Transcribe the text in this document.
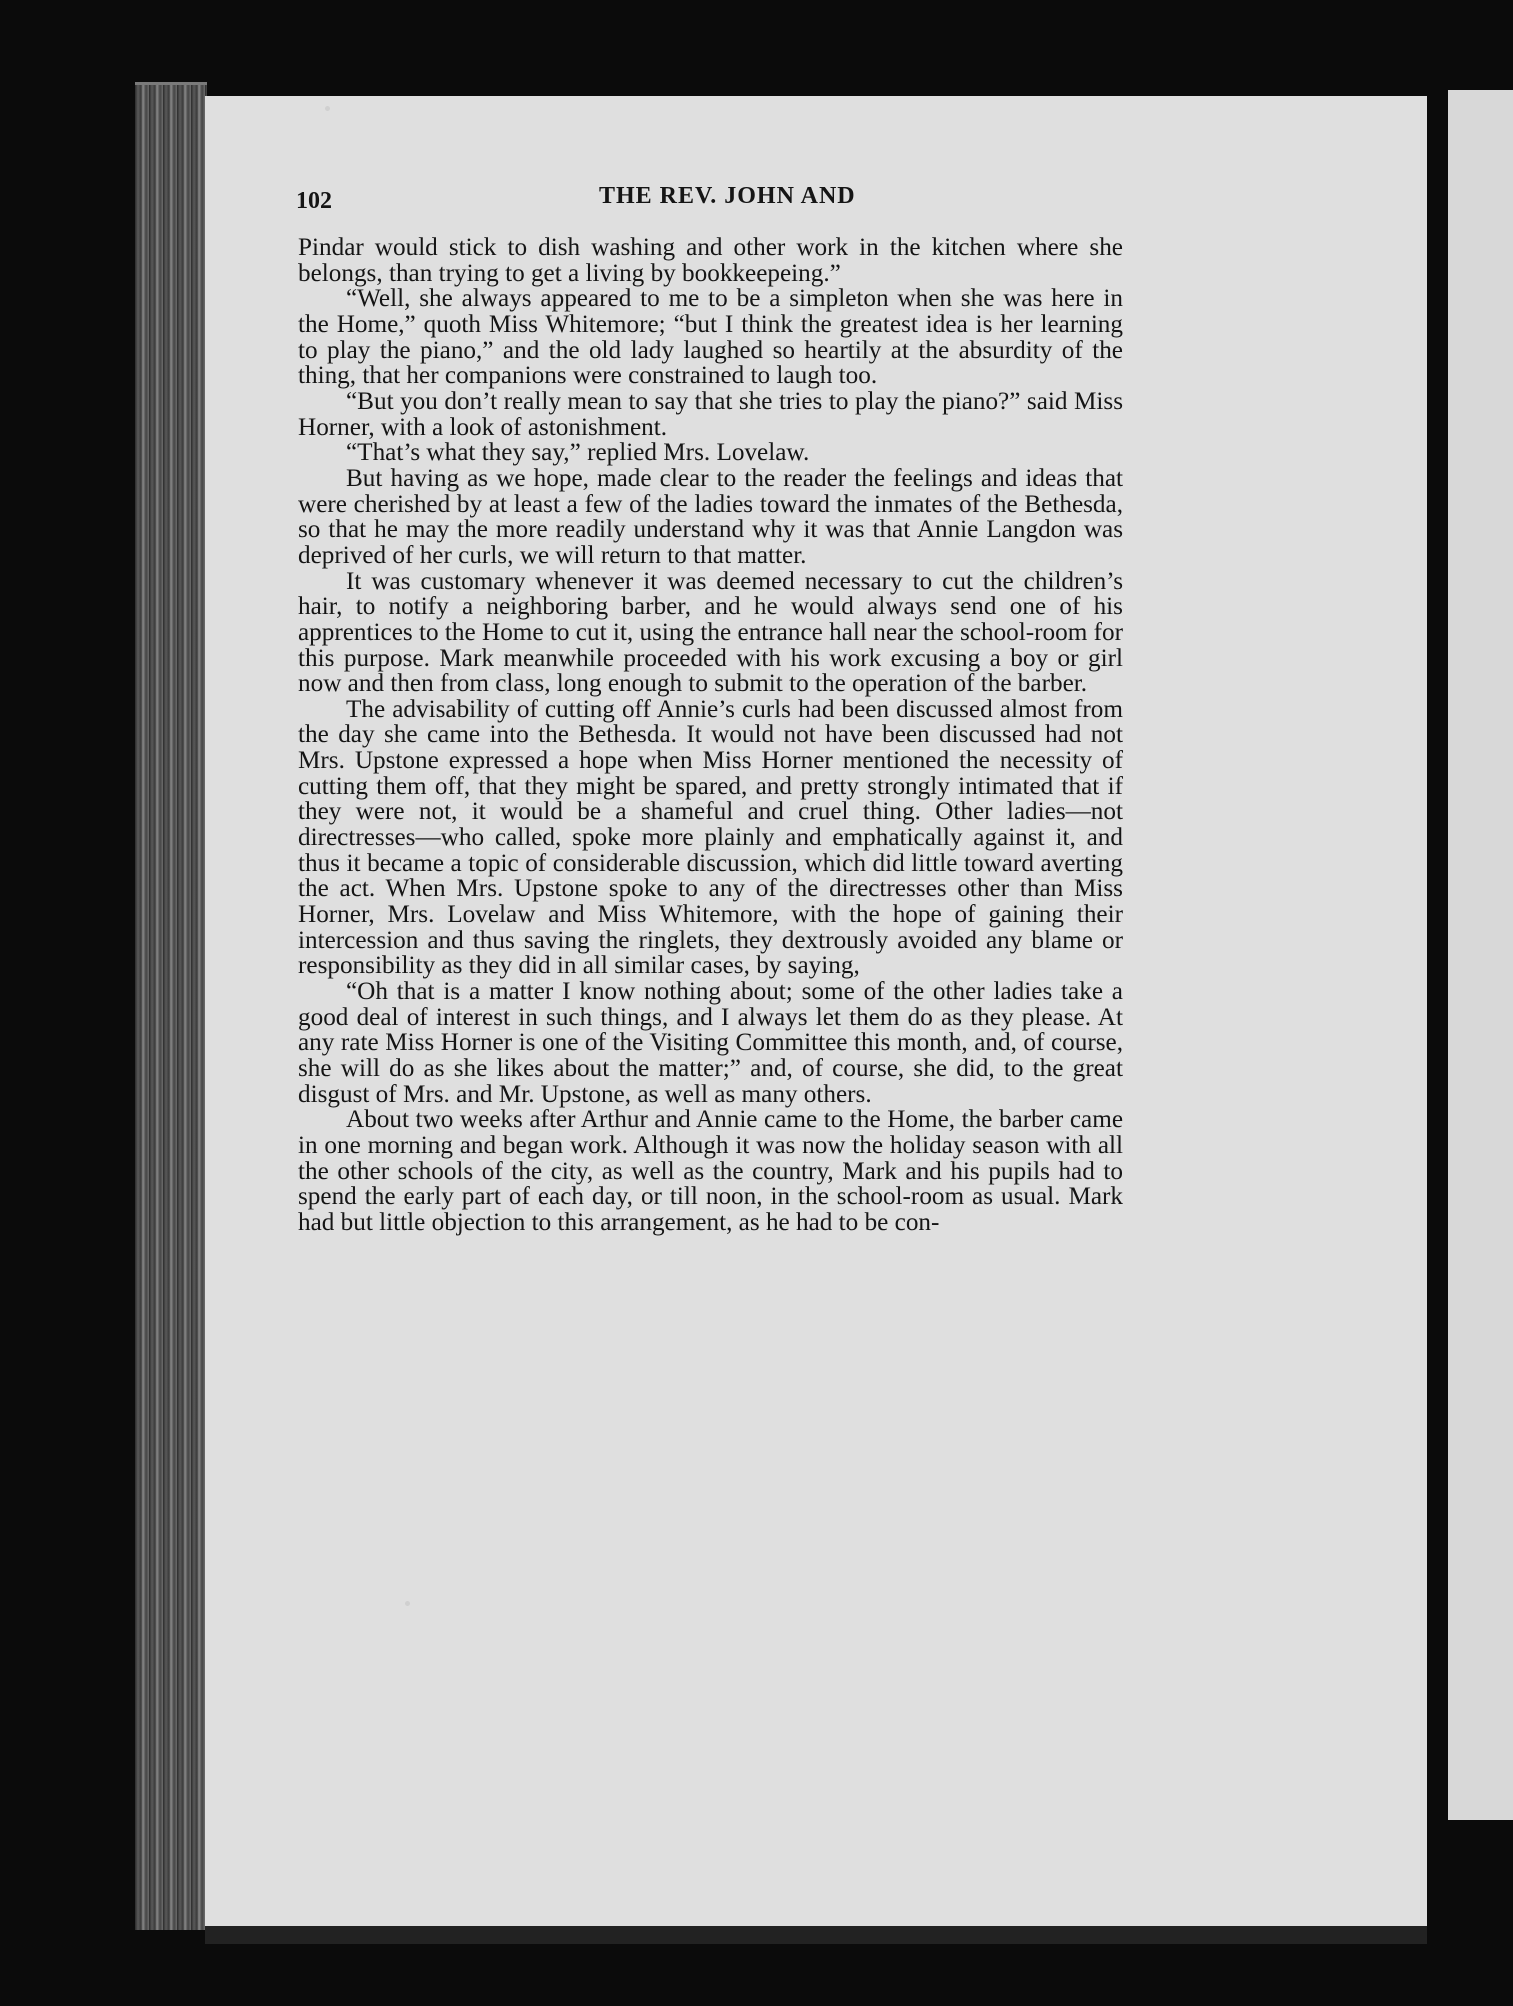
102	THE REV. JOHN AND

Pindar would stick to dish washing and other work in the kitchen where she belongs, than trying to get a living by bookkeepeing.”

“Well, she always appeared to me to be a simpleton when she was here in the Home,” quoth Miss Whitemore; “but I think the greatest idea is her learning to play the piano,” and the old lady laughed so heartily at the absurdity of the thing, that her companions were constrained to laugh too.

“But you don’t really mean to say that she tries to play the piano?” said Miss Horner, with a look of astonishment.

“That’s what they say,” replied Mrs. Lovelaw.

But having as we hope, made clear to the reader the feelings and ideas that were cherished by at least a few of the ladies toward the inmates of the Bethesda, so that he may the more readily understand why it was that Annie Langdon was deprived of her curls, we will return to that matter.

It was customary whenever it was deemed necessary to cut the children’s hair, to notify a neighboring barber, and he would always send one of his apprentices to the Home to cut it, using the entrance hall near the school-room for this purpose. Mark meanwhile proceeded with his work excusing a boy or girl now and then from class, long enough to submit to the operation of the barber.

The advisability of cutting off Annie’s curls had been discussed almost from the day she came into the Bethesda. It would not have been discussed had not Mrs. Upstone expressed a hope when Miss Horner mentioned the necessity of cutting them off, that they might be spared, and pretty strongly intimated that if they were not, it would be a shameful and cruel thing. Other ladies—not directresses—who called, spoke more plainly and emphatically against it, and thus it became a topic of considerable discussion, which did little toward averting the act. When Mrs. Upstone spoke to any of the directresses other than Miss Horner, Mrs. Lovelaw and Miss Whitemore, with the hope of gaining their intercession and thus saving the ringlets, they dextrously avoided any blame or responsibility as they did in all similar cases, by saying,

“Oh that is a matter I know nothing about; some of the other ladies take a good deal of interest in such things, and I always let them do as they please. At any rate Miss Horner is one of the Visiting Committee this month, and, of course, she will do as she likes about the matter;” and, of course, she did, to the great disgust of Mrs. and Mr. Upstone, as well as many others.

About two weeks after Arthur and Annie came to the Home, the barber came in one morning and began work. Although it was now the holiday season with all the other schools of the city, as well as the country, Mark and his pupils had to spend the early part of each day, or till noon, in the school-room as usual. Mark had but little objection to this arrangement, as he had to be con-
